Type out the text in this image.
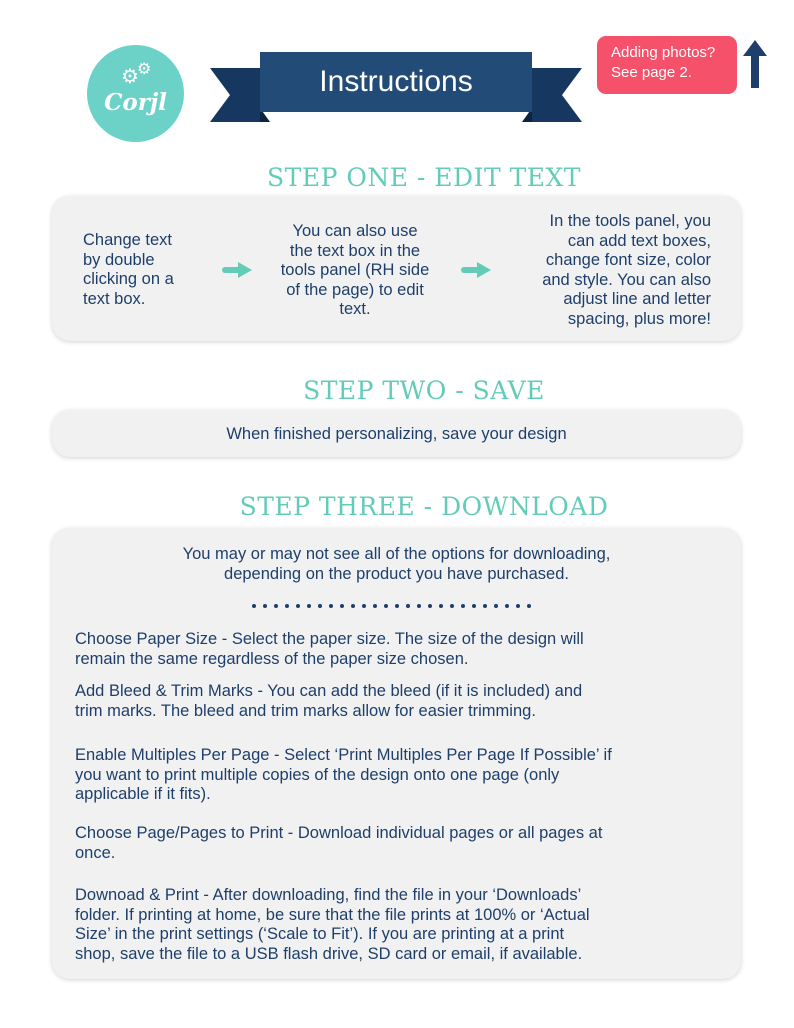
⚙
⚙
Corjl
Instructions
Adding photos?
See page 2.
STEP ONE - EDIT TEXT
Change text
by double
clicking on a
text box.
You can also use
the text box in the
tools panel (RH side
of the page) to edit
text.
In the tools panel, you
can add text boxes,
change font size, color
and style. You can also
adjust line and letter
spacing, plus more!
STEP TWO - SAVE
When finished personalizing, save your design
STEP THREE - DOWNLOAD
You may or may not see all of the options for downloading,
depending on the product you have purchased.
Choose Paper Size - Select the paper size. The size of the design will
remain the same regardless of the paper size chosen.
Add Bleed & Trim Marks - You can add the bleed (if it is included) and
trim marks. The bleed and trim marks allow for easier trimming.
Enable Multiples Per Page - Select ‘Print Multiples Per Page If Possible’ if
you want to print multiple copies of the design onto one page (only
applicable if it fits).
Choose Page/Pages to Print - Download individual pages or all pages at
once.
Downoad & Print - After downloading, find the file in your ‘Downloads’
folder. If printing at home, be sure that the file prints at 100% or ‘Actual
Size’ in the print settings (‘Scale to Fit’). If you are printing at a print
shop, save the file to a USB flash drive, SD card or email, if available.
